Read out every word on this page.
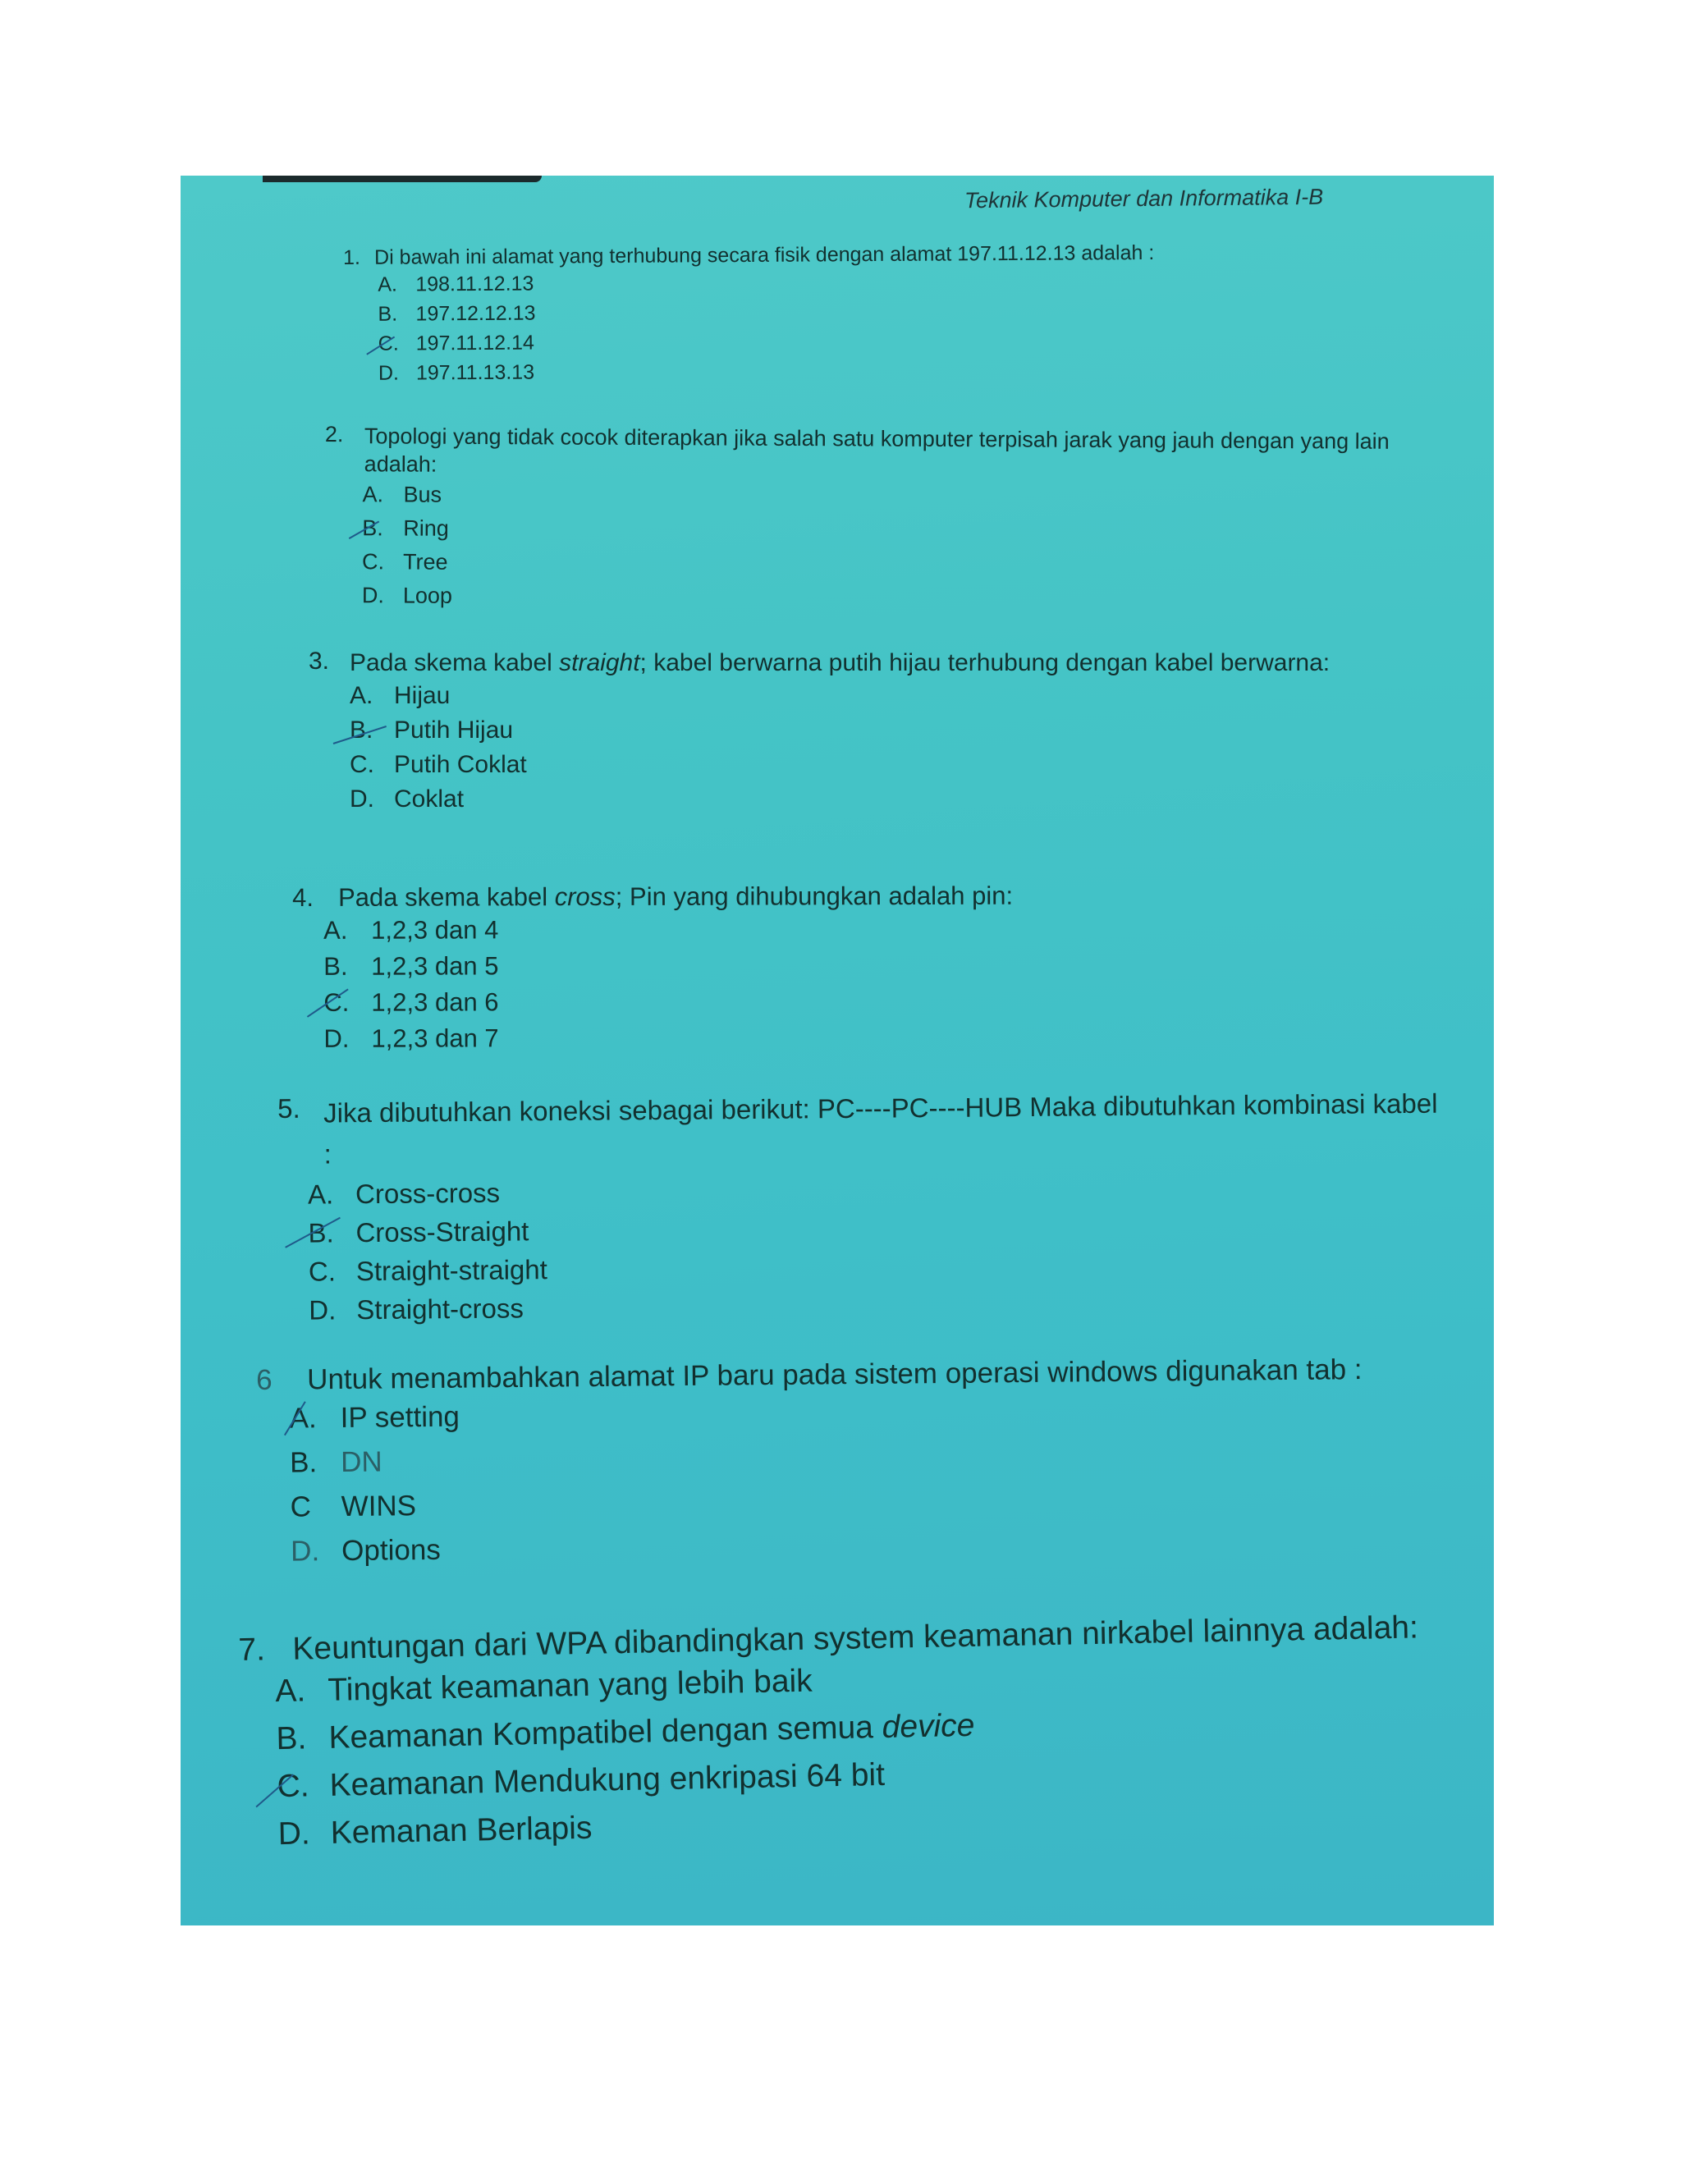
Teknik Komputer dan Informatika I-B
1. Di bawah ini alamat yang terhubung secara fisik dengan alamat 197.11.12.13 adalah :
A. 198.11.12.13
B. 197.12.12.13
C. 197.11.12.14
D. 197.11.13.13
2. Topologi yang tidak cocok diterapkan jika salah satu komputer terpisah jarak yang jauh dengan yang lain adalah:
A. Bus
B. Ring
C. Tree
D. Loop
3. Pada skema kabel straight; kabel berwarna putih hijau terhubung dengan kabel berwarna:
A. Hijau
B. Putih Hijau
C. Putih Coklat
D. Coklat
4. Pada skema kabel cross; Pin yang dihubungkan adalah pin:
A. 1,2,3 dan 4
B. 1,2,3 dan 5
C. 1,2,3 dan 6
D. 1,2,3 dan 7
5. Jika dibutuhkan koneksi sebagai berikut: PC----PC----HUB Maka dibutuhkan kombinasi kabel :
A. Cross-cross
B. Cross-Straight
C. Straight-straight
D. Straight-cross
6	Untuk menambahkan alamat IP baru pada sistem operasi windows digunakan tab :
A. IP setting
B. DN
C	WINS
D. Options
7. Keuntungan dari WPA dibandingkan system keamanan nirkabel lainnya adalah:
A. Tingkat keamanan yang lebih baik
B. Keamanan Kompatibel dengan semua device
C. Keamanan Mendukung enkripasi 64 bit
D. Kemanan Berlapis
